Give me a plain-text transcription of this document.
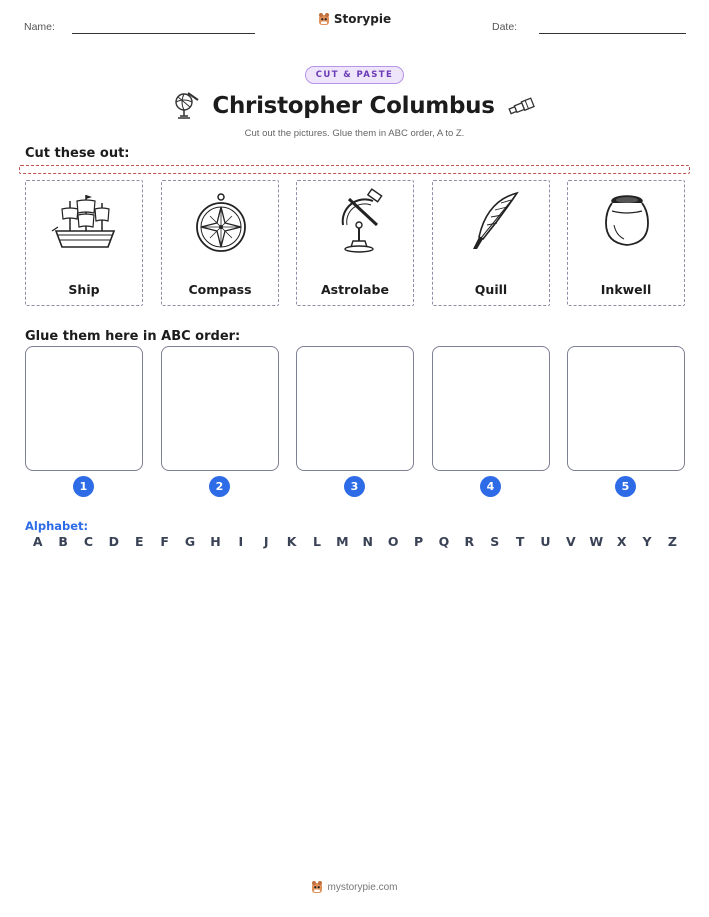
Name:
Storypie
Date:
CUT & PASTE
Christopher Columbus
Cut out the pictures. Glue them in ABC order, A to Z.
Cut these out:
Ship	Compass	Astrolabe	Quill	Inkwell
Glue them here in ABC order:
1	2	3	4	5
Alphabet:
A	B	C	D	E	F	G	H	I	J	K	L	M	N	O	P	Q	R	S	T	U	V	W	X	Y	Z
mystorypie.com
